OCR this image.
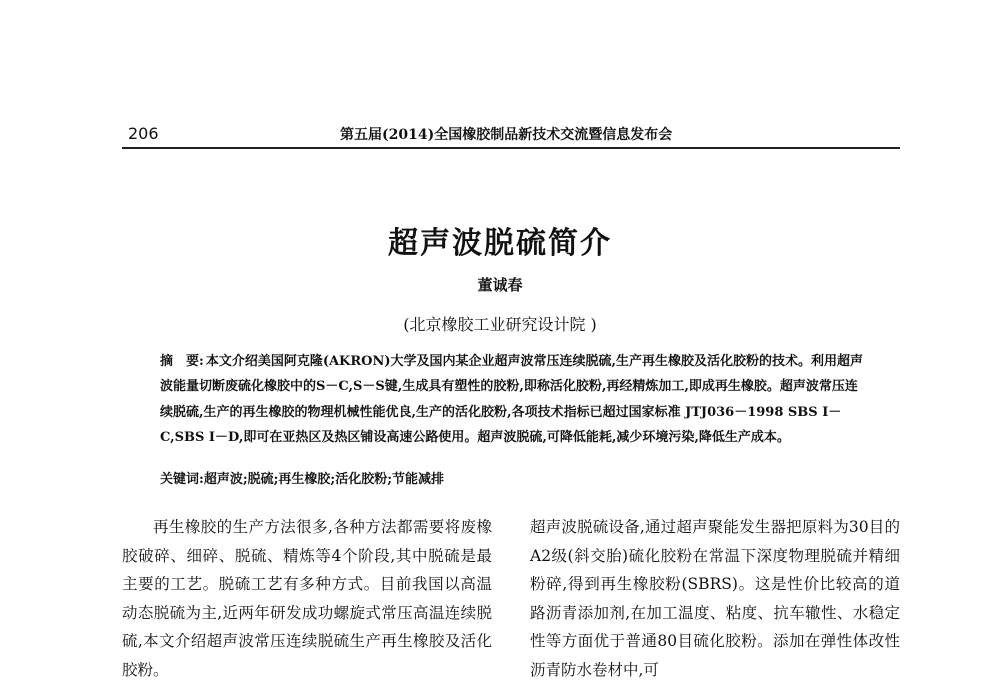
206	第五届(2014)全国橡胶制品新技术交流暨信息发布会
超声波脱硫简介
董诚春
(北京橡胶工业研究设计院 )
摘　要: 本文介绍美国阿克隆(AKRON)大学及国内某企业超声波常压连续脱硫,生产再生橡胶及活化胶粉的技术。利用超声波能量切断废硫化橡胶中的S－C,S－S键,生成具有塑性的胶粉,即称活化胶粉,再经精炼加工,即成再生橡胶。超声波常压连续脱硫,生产的再生橡胶的物理机械性能优良,生产的活化胶粉,各项技术指标已超过国家标准 JTJ036－1998 SBS Ⅰ－C,SBS Ⅰ－D,即可在亚热区及热区铺设高速公路使用。超声波脱硫,可降低能耗,减少环境污染,降低生产成本。
关键词:超声波;脱硫;再生橡胶;活化胶粉;节能减排

再生橡胶的生产方法很多,各种方法都需要将废橡胶破碎、细碎、脱硫、精炼等4个阶段,其中脱硫是最主要的工艺。脱硫工艺有多种方式。目前我国以高温动态脱硫为主,近两年研发成功螺旋式常压高温连续脱硫,本文介绍超声波常压连续脱硫生产再生橡胶及活化胶粉。

超声波脱硫设备,通过超声聚能发生器把原料为30目的A2级(斜交胎)硫化胶粉在常温下深度物理脱硫并精细粉碎,得到再生橡胶粉(SBRS)。这是性价比较高的道路沥青添加剂,在加工温度、粘度、抗车辙性、水稳定性等方面优于普通80目硫化胶粉。添加在弹性体改性沥青防水卷材中,可
